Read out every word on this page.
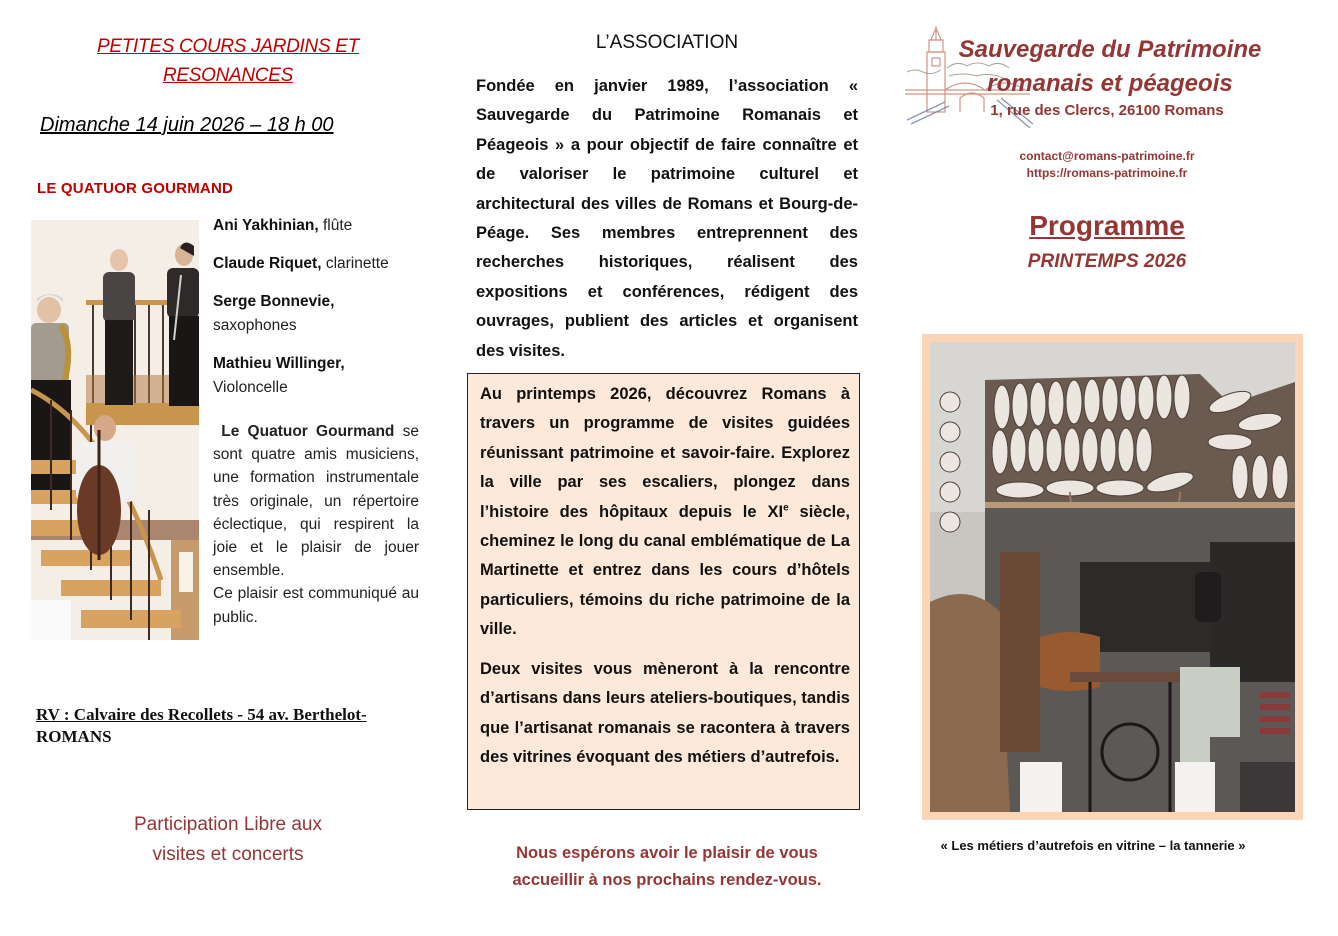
PETITES COURS JARDINS ET
RESONANCES
Dimanche 14 juin 2026 – 18 h 00
LE QUATUOR GOURMAND
Ani Yakhinian, flûte
Claude Riquet, clarinette
Serge Bonnevie,
saxophones
Mathieu Willinger,
Violoncelle
Le Quatuor Gourmand se sont quatre amis musiciens, une formation instrumentale très originale, un répertoire éclectique, qui respirent la joie et le plaisir de jouer ensemble.
Ce plaisir est communiqué au public.
RV : Calvaire des Recollets - 54 av. Berthelot-
ROMANS
Participation Libre aux
visites et concerts
L’ASSOCIATION
Fondée en janvier 1989, l’association « Sauvegarde du Patrimoine Romanais et Péageois » a pour objectif de faire connaître et de valoriser le patrimoine culturel et architectural des villes de Romans et Bourg-de-Péage. Ses membres entreprennent des recherches historiques, réalisent des expositions et conférences, rédigent des ouvrages, publient des articles et organisent des visites.
Au printemps 2026, découvrez Romans à travers un programme de visites guidées réunissant patrimoine et savoir-faire. Explorez la ville par ses escaliers, plongez dans l’histoire des hôpitaux depuis le XIe siècle, cheminez le long du canal emblématique de La Martinette et entrez dans les cours d’hôtels particuliers, témoins du riche patrimoine de la ville.
Deux visites vous mèneront à la rencontre d’artisans dans leurs ateliers-boutiques, tandis que l’artisanat romanais se racontera à travers des vitrines évoquant des métiers d’autrefois.
Nous espérons avoir le plaisir de vous
accueillir à nos prochains rendez-vous.
Sauvegarde du Patrimoine
romanais et péageois
1, rue des Clercs, 26100 Romans
contact@romans-patrimoine.fr
https://romans-patrimoine.fr
Programme
PRINTEMPS 2026
« Les métiers d’autrefois en vitrine – la tannerie »
